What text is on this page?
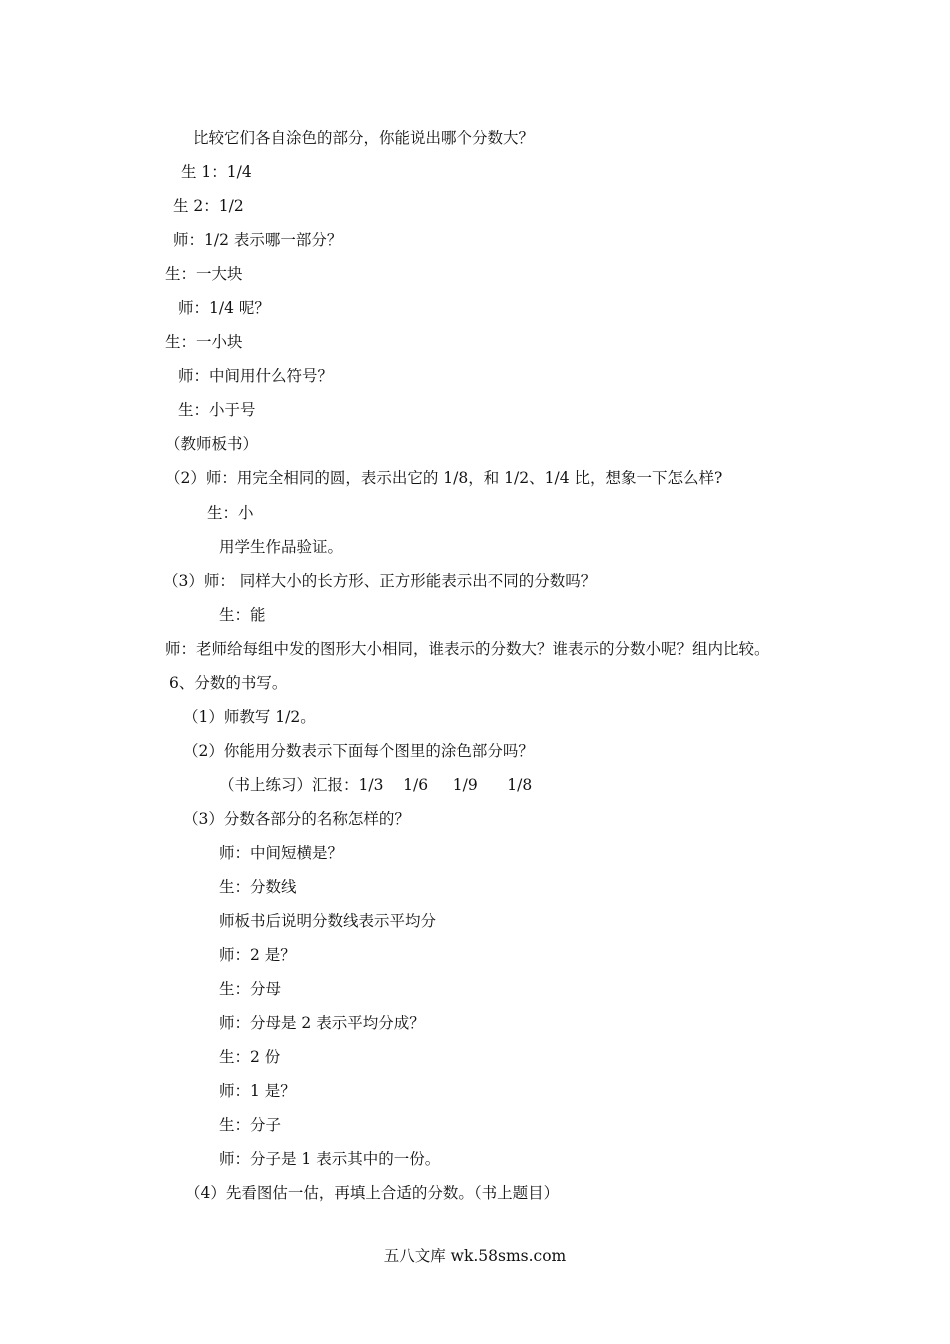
比较它们各自涂色的部分，你能说出哪个分数大？
生 1：1/4
生 2：1/2
师：1/2 表示哪一部分？
生：一大块
师：1/4 呢？
生：一小块
师：中间用什么符号？
生：小于号
（教师板书）
（2）师：用完全相同的圆，表示出它的 1/8，和 1/2、1/4 比，想象一下怎么样?
生：小
用学生作品验证。
（3）师： 同样大小的长方形、正方形能表示出不同的分数吗？
生：能
师：老师给每组中发的图形大小相同，谁表示的分数大？谁表示的分数小呢？组内比较。
6、分数的书写。
（1）师教写 1/2。
（2）你能用分数表示下面每个图里的涂色部分吗？
（书上练习）汇报：1/3    1/6     1/9      1/8
（3）分数各部分的名称怎样的？
师：中间短横是？
生：分数线
师板书后说明分数线表示平均分
师：2 是？
生：分母
师：分母是 2 表示平均分成？
生：2 份
师：1 是？
生：分子
师：分子是 1 表示其中的一份。
（4）先看图估一估，再填上合适的分数。（书上题目）
五八文库 wk.58sms.com
